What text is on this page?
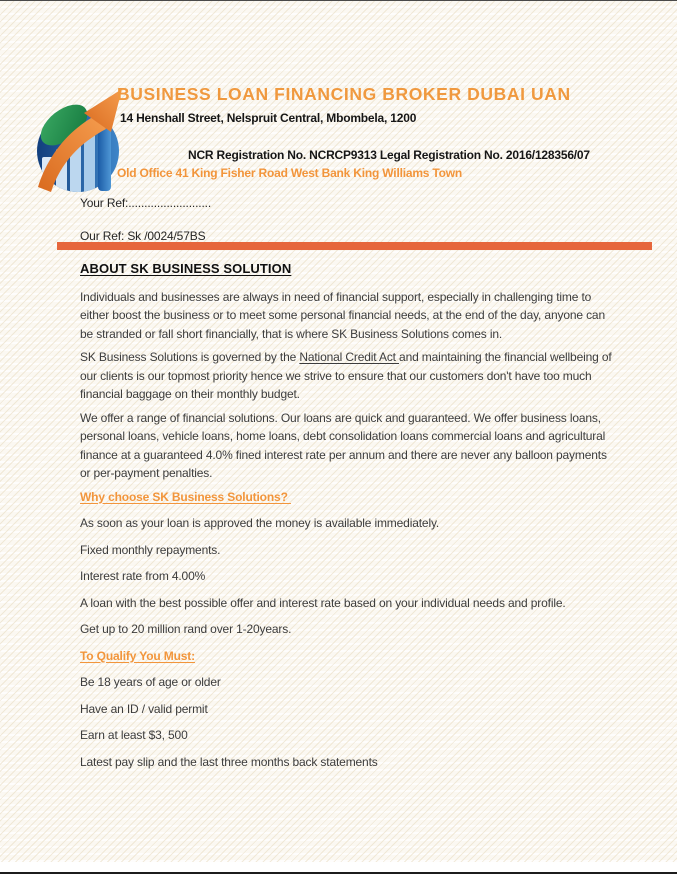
BUSINESS LOAN FINANCING BROKER DUBAI UAN
14 Henshall Street, Nelspruit Central, Mbombela, 1200
NCR Registration No. NCRCP9313 Legal Registration No. 2016/128356/07
Old Office 41 King Fisher Road West Bank King Williams Town

Your Ref:..........................

Our Ref: Sk /0024/57BS

ABOUT SK BUSINESS SOLUTION

Individuals and businesses are always in need of financial support, especially in challenging time to either boost the business or to meet some personal financial needs, at the end of the day, anyone can be stranded or fall short financially, that is where SK Business Solutions comes in.

SK Business Solutions is governed by the National Credit Act and maintaining the financial wellbeing of our clients is our topmost priority hence we strive to ensure that our customers don't have too much financial baggage on their monthly budget.

We offer a range of financial solutions. Our loans are quick and guaranteed. We offer business loans, personal loans, vehicle loans, home loans, debt consolidation loans commercial loans and agricultural finance at a guaranteed 4.0% fined interest rate per annum and there are never any balloon payments or per-payment penalties.

Why choose SK Business Solutions?

As soon as your loan is approved the money is available immediately.

Fixed monthly repayments.

Interest rate from 4.00%

A loan with the best possible offer and interest rate based on your individual needs and profile.

Get up to 20 million rand over 1-20years.

To Qualify You Must:

Be 18 years of age or older

Have an ID / valid permit

Earn at least $3, 500

Latest pay slip and the last three months back statements
